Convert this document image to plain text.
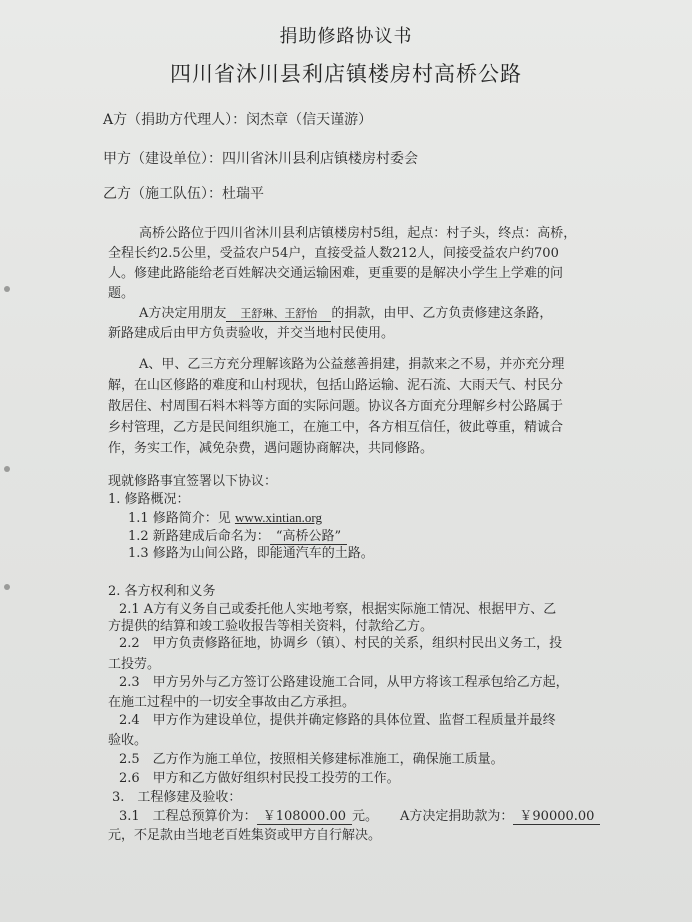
捐助修路协议书
四川省沐川县利店镇楼房村高桥公路
A方（捐助方代理人）：闵杰章（信天谨游）
甲方（建设单位）：四川省沐川县利店镇楼房村委会
乙方（施工队伍）：杜瑞平
高桥公路位于四川省沐川县利店镇楼房村5组，起点：村子头，终点：高桥，
全程长约2.5公里，受益农户54户，直接受益人数212人，间接受益农户约700
人。修建此路能给老百姓解决交通运输困难，更重要的是解决小学生上学难的问
题。
A方决定用朋友 王舒琳、王舒怡 的捐款，由甲、乙方负责修建这条路，
新路建成后由甲方负责验收，并交当地村民使用。
A、甲、乙三方充分理解该路为公益慈善捐建，捐款来之不易，并亦充分理
解，在山区修路的难度和山村现状，包括山路运输、泥石流、大雨天气、村民分
散居住、村周围石料木料等方面的实际问题。协议各方面充分理解乡村公路属于
乡村管理，乙方是民间组织施工，在施工中，各方相互信任，彼此尊重，精诚合
作，务实工作，减免杂费，遇问题协商解决，共同修路。
现就修路事宜签署以下协议：
1. 修路概况：
1.1 修路简介：见 www.xintian.org
1.2 新路建成后命名为： “高桥公路”
1.3 修路为山间公路，即能通汽车的土路。
2. 各方权利和义务
2.1 A方有义务自己或委托他人实地考察，根据实际施工情况、根据甲方、乙
方提供的结算和竣工验收报告等相关资料，付款给乙方。
2.2　甲方负责修路征地，协调乡（镇）、村民的关系，组织村民出义务工，投
工投劳。
2.3　甲方另外与乙方签订公路建设施工合同，从甲方将该工程承包给乙方起，
在施工过程中的一切安全事故由乙方承担。
2.4　甲方作为建设单位，提供并确定修路的具体位置、监督工程质量并最终
验收。
2.5　乙方作为施工单位，按照相关修建标准施工，确保施工质量。
2.6　甲方和乙方做好组织村民投工投劳的工作。
3.　工程修建及验收：
3.1　工程总预算价为： ￥108000.00 元。 A方决定捐助款为： ￥90000.00
元，不足款由当地老百姓集资或甲方自行解决。
